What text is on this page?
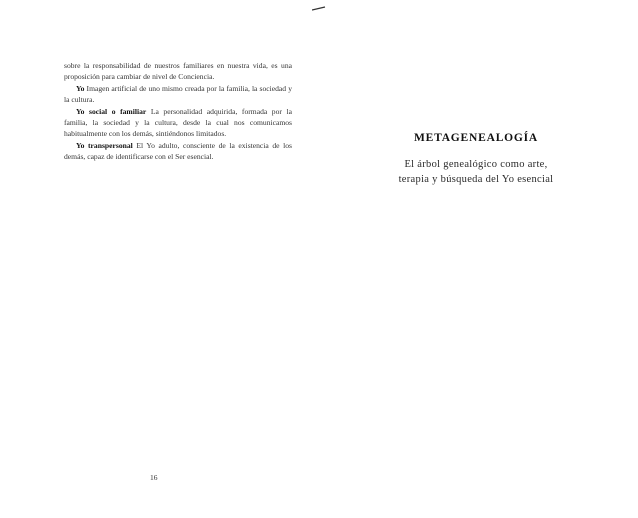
sobre la responsabilidad de nuestros familiares en nuestra vida, es una proposición para cambiar de nivel de Conciencia.

Yo Imagen artificial de uno mismo creada por la familia, la sociedad y la cultura.

Yo social o familiar La personalidad adquirida, formada por la familia, la sociedad y la cultura, desde la cual nos comunicamos habitualmente con los demás, sintiéndonos limitados.

Yo transpersonal El Yo adulto, consciente de la existencia de los demás, capaz de identificarse con el Ser esencial.

16
METAGENEALOGÍA
El árbol genealógico como arte,
terapia y búsqueda del Yo esencial
